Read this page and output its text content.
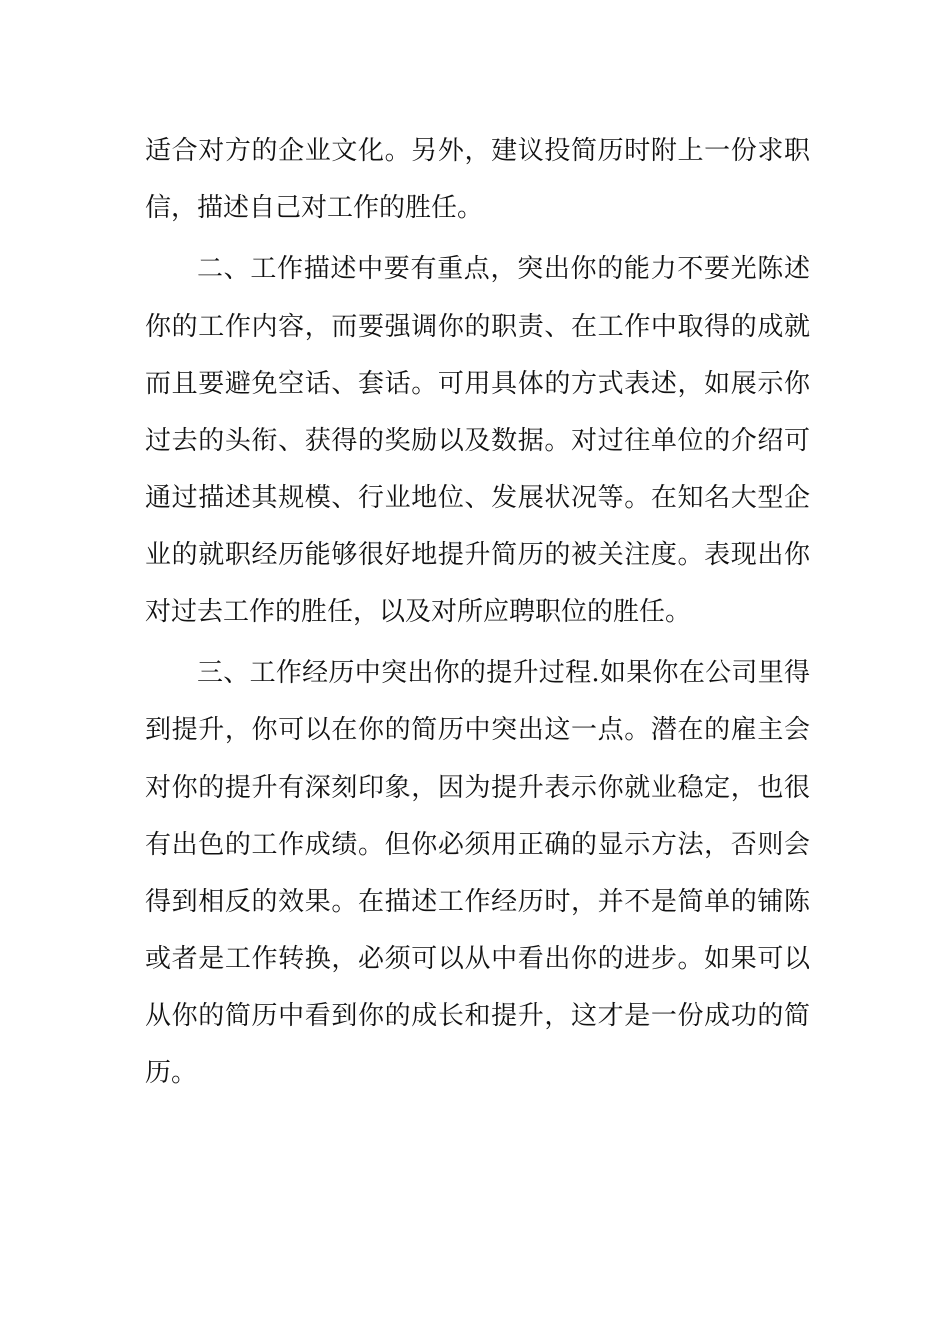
适合对方的企业文化。另外，建议投简历时附上一份求职
信，描述自己对工作的胜任。
二、工作描述中要有重点，突出你的能力不要光陈述
你的工作内容，而要强调你的职责、在工作中取得的成就
而且要避免空话、套话。可用具体的方式表述，如展示你
过去的头衔、获得的奖励以及数据。对过往单位的介绍可
通过描述其规模、行业地位、发展状况等。在知名大型企
业的就职经历能够很好地提升简历的被关注度。表现出你
对过去工作的胜任，以及对所应聘职位的胜任。
三、工作经历中突出你的提升过程.如果你在公司里得
到提升，你可以在你的简历中突出这一点。潜在的雇主会
对你的提升有深刻印象，因为提升表示你就业稳定，也很
有出色的工作成绩。但你必须用正确的显示方法，否则会
得到相反的效果。在描述工作经历时，并不是简单的铺陈
或者是工作转换，必须可以从中看出你的进步。如果可以
从你的简历中看到你的成长和提升，这才是一份成功的简
历。
